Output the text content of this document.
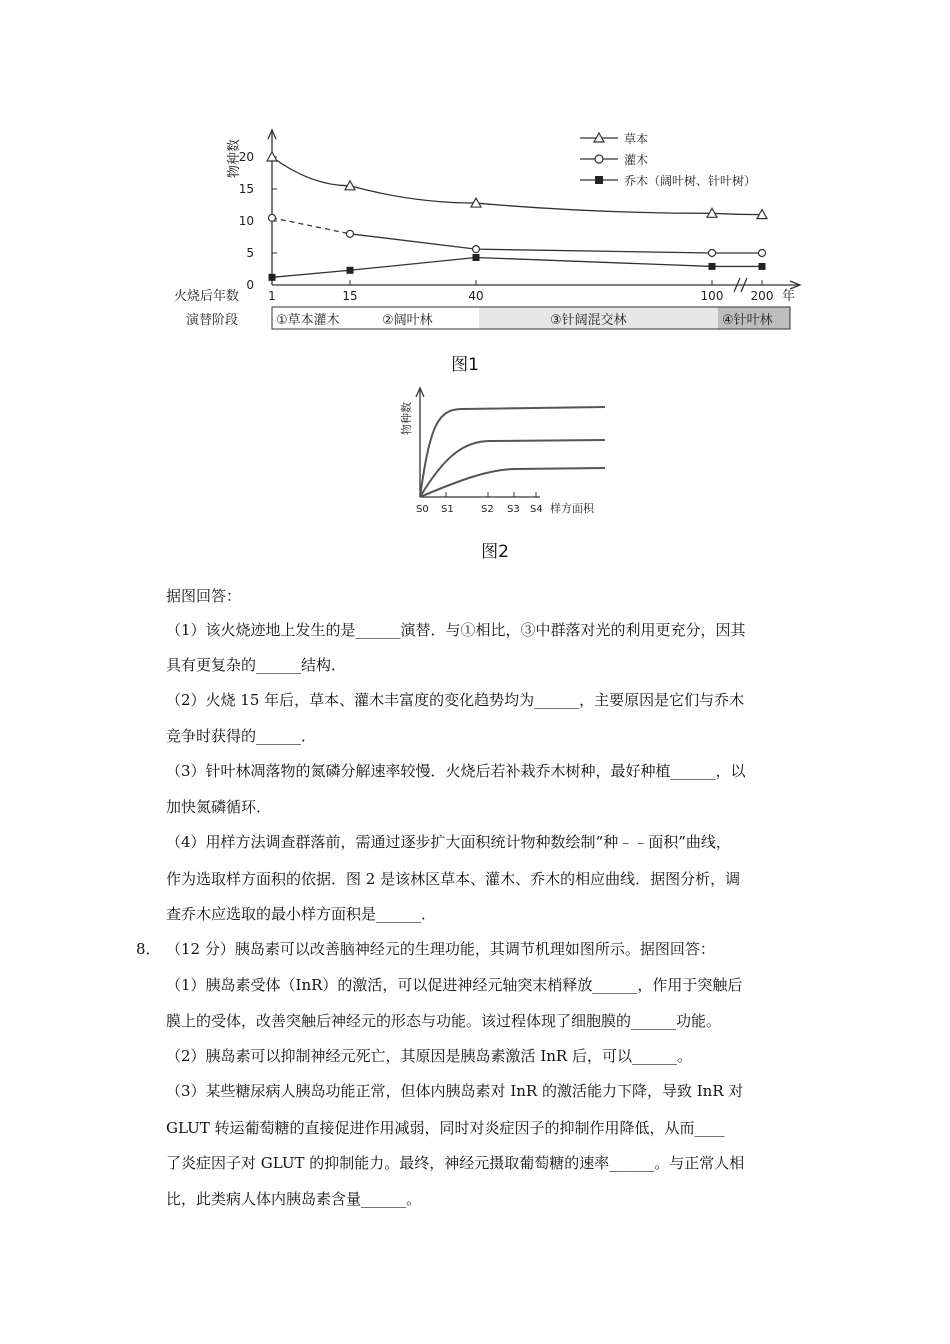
物种数
20
15
10
5
0
1	15	40	100 200 年
火烧后年数
演替阶段	①草本灌木	②阔叶林	③针阔混交林	④针叶林
草本
灌木
乔木（阔叶树、针叶树）
图1
物种数
S0 S1	S2 S3 S4 样方面积
图2
据图回答：
（1）该火烧迹地上发生的是______演替．与①相比，③中群落对光的利用更充分，因其
具有更复杂的______结构．
（2）火烧 15 年后，草本、灌木丰富度的变化趋势均为______，主要原因是它们与乔木
竞争时获得的______．
（3）针叶林凋落物的氮磷分解速率较慢．火烧后若补栽乔木树种，最好种植______，以
加快氮磷循环．
（4）用样方法调查群落前，需通过逐步扩大面积统计物种数绘制“种﹣﹣面积”曲线，
作为选取样方面积的依据．图 2 是该林区草本、灌木、乔木的相应曲线．据图分析，调
查乔木应选取的最小样方面积是______．
8． （12 分）胰岛素可以改善脑神经元的生理功能，其调节机理如图所示。据图回答：
（1）胰岛素受体（InR）的激活，可以促进神经元轴突末梢释放______，作用于突触后
膜上的受体，改善突触后神经元的形态与功能。该过程体现了细胞膜的______功能。
（2）胰岛素可以抑制神经元死亡，其原因是胰岛素激活 InR 后，可以______。
（3）某些糖尿病人胰岛功能正常，但体内胰岛素对 InR 的激活能力下降，导致 InR 对
GLUT 转运葡萄糖的直接促进作用减弱，同时对炎症因子的抑制作用降低，从而____
了炎症因子对 GLUT 的抑制能力。最终，神经元摄取葡萄糖的速率______。与正常人相
比，此类病人体内胰岛素含量______。
